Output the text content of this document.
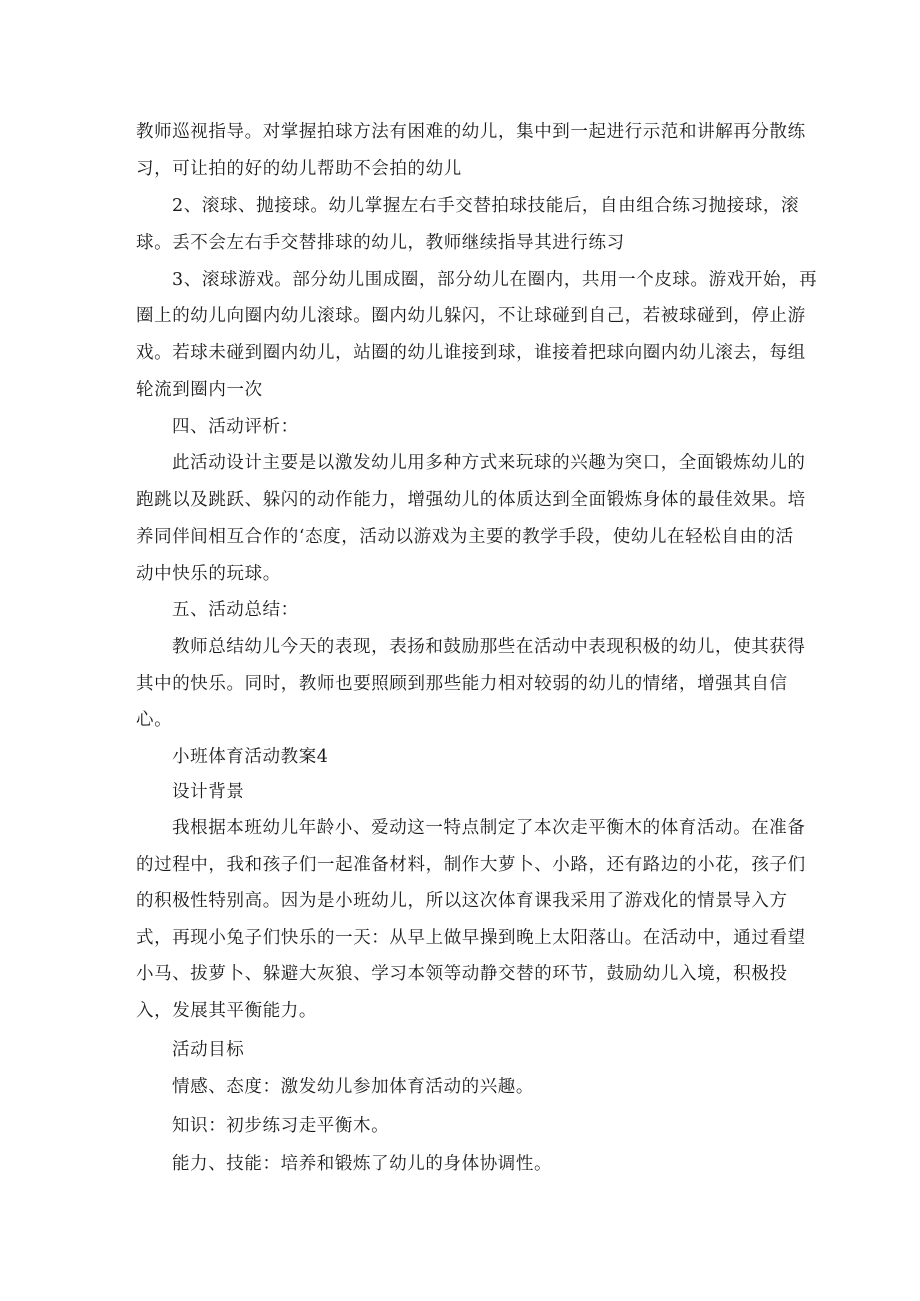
教师巡视指导。对掌握拍球方法有困难的幼儿，集中到一起进行示范和讲解再分散练
习，可让拍的好的幼儿帮助不会拍的幼儿
2、滚球、抛接球。幼儿掌握左右手交替拍球技能后，自由组合练习抛接球，滚
球。丢不会左右手交替排球的幼儿，教师继续指导其进行练习
3、滚球游戏。部分幼儿围成圈，部分幼儿在圈内，共用一个皮球。游戏开始，再
圈上的幼儿向圈内幼儿滚球。圈内幼儿躲闪，不让球碰到自己，若被球碰到，停止游
戏。若球未碰到圈内幼儿，站圈的幼儿谁接到球，谁接着把球向圈内幼儿滚去，每组
轮流到圈内一次
四、活动评析：
此活动设计主要是以激发幼儿用多种方式来玩球的兴趣为突口，全面锻炼幼儿的
跑跳以及跳跃、躲闪的动作能力，增强幼儿的体质达到全面锻炼身体的最佳效果。培
养同伴间相互合作的‘态度，活动以游戏为主要的教学手段，使幼儿在轻松自由的活
动中快乐的玩球。
五、活动总结：
教师总结幼儿今天的表现，表扬和鼓励那些在活动中表现积极的幼儿，使其获得
其中的快乐。同时，教师也要照顾到那些能力相对较弱的幼儿的情绪，增强其自信
心。
小班体育活动教案4
设计背景
我根据本班幼儿年龄小、爱动这一特点制定了本次走平衡木的体育活动。在准备
的过程中，我和孩子们一起准备材料，制作大萝卜、小路，还有路边的小花，孩子们
的积极性特别高。因为是小班幼儿，所以这次体育课我采用了游戏化的情景导入方
式，再现小兔子们快乐的一天：从早上做早操到晚上太阳落山。在活动中，通过看望
小马、拔萝卜、躲避大灰狼、学习本领等动静交替的环节，鼓励幼儿入境，积极投
入，发展其平衡能力。
活动目标
情感、态度：激发幼儿参加体育活动的兴趣。
知识：初步练习走平衡木。
能力、技能：培养和锻炼了幼儿的身体协调性。
